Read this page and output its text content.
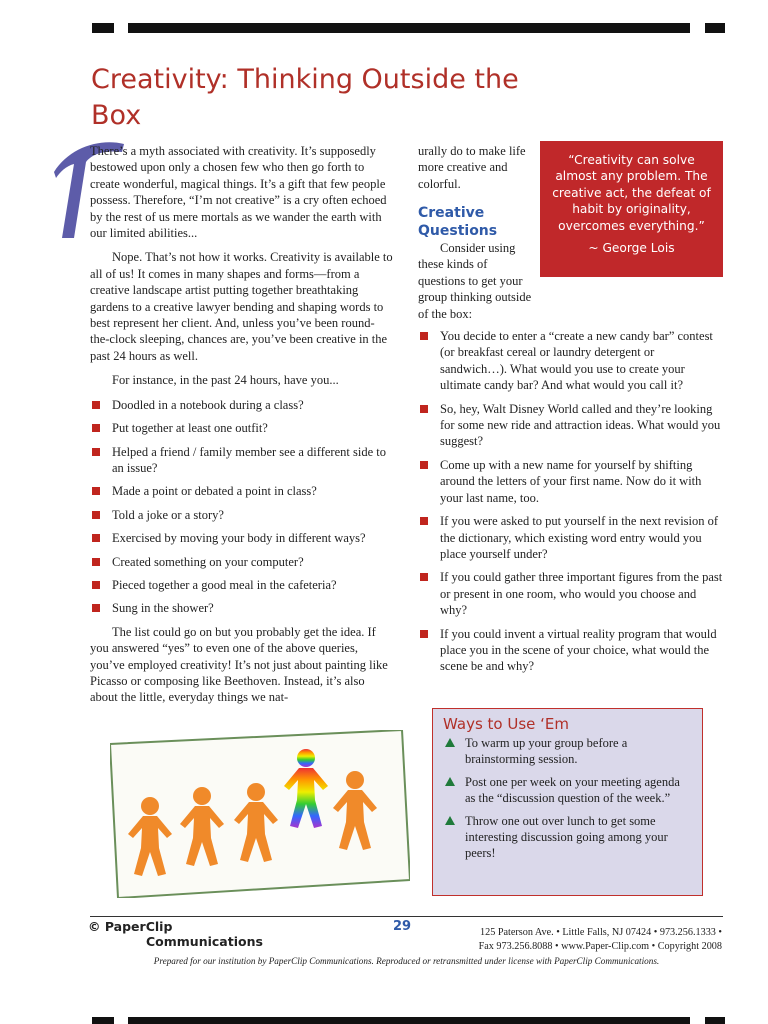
Creativity: Thinking Outside the Box

There’s a myth associated with creativity. It’s supposedly bestowed upon only a chosen few who then go forth to create wonderful, magical things. It’s a gift that few people possess. Therefore, “I’m not creative” is a cry often echoed by the rest of us mere mortals as we wander the earth with our limited abilities...

Nope. That’s not how it works. Creativity is available to all of us! It comes in many shapes and forms—from a creative landscape artist putting together breathtaking gardens to a creative lawyer bending and shaping words to best represent her client. And, unless you’ve been round-the-clock sleeping, chances are, you’ve been creative in the past 24 hours as well.

For instance, in the past 24 hours, have you...

Doodled in a notebook during a class?
Put together at least one outfit?
Helped a friend / family member see a different side to an issue?
Made a point or debated a point in class?
Told a joke or a story?
Exercised by moving your body in different ways?
Created something on your computer?
Pieced together a good meal in the cafeteria?
Sung in the shower?

The list could go on but you probably get the idea. If you answered “yes” to even one of the above queries, you’ve employed creativity! It’s not just about painting like Picasso or composing like Beethoven. Instead, it’s also about the little, everyday things we nat-

urally do to make life more creative and colorful.

Creative Questions

Consider using these kinds of questions to get your group thinking outside of the box:
You decide to enter a “create a new candy bar” contest (or breakfast cereal or laundry detergent or sandwich…). What would you use to create your ultimate candy bar? And what would you call it?
So, hey, Walt Disney World called and they’re looking for some new ride and attraction ideas. What would you suggest?
Come up with a new name for yourself by shifting around the letters of your first name. Now do it with your last name, too.
If you were asked to put yourself in the next revision of the dictionary, which existing word entry would you place yourself under?
If you could gather three important figures from the past or present in one room, who would you choose and why?
If you could invent a virtual reality program that would place you in the scene of your choice, what would the scene be and why?
“Creativity can solve almost any problem. The creative act, the defeat of habit by originality, overcomes everything.”
~ George Lois
Ways to Use ‘Em
To warm up your group before a brainstorming session.
Post one per week on your meeting agenda as the “discussion question of the week.”
Throw one out over lunch to get some interesting discussion going among your peers!
© PaperClip
Communications
29	125 Paterson Ave. • Little Falls, NJ 07424 • 973.256.1333 •
Fax 973.256.8088 • www.Paper-Clip.com • Copyright 2008
Prepared for our institution by PaperClip Communications. Reproduced or retransmitted under license with PaperClip Communications.
